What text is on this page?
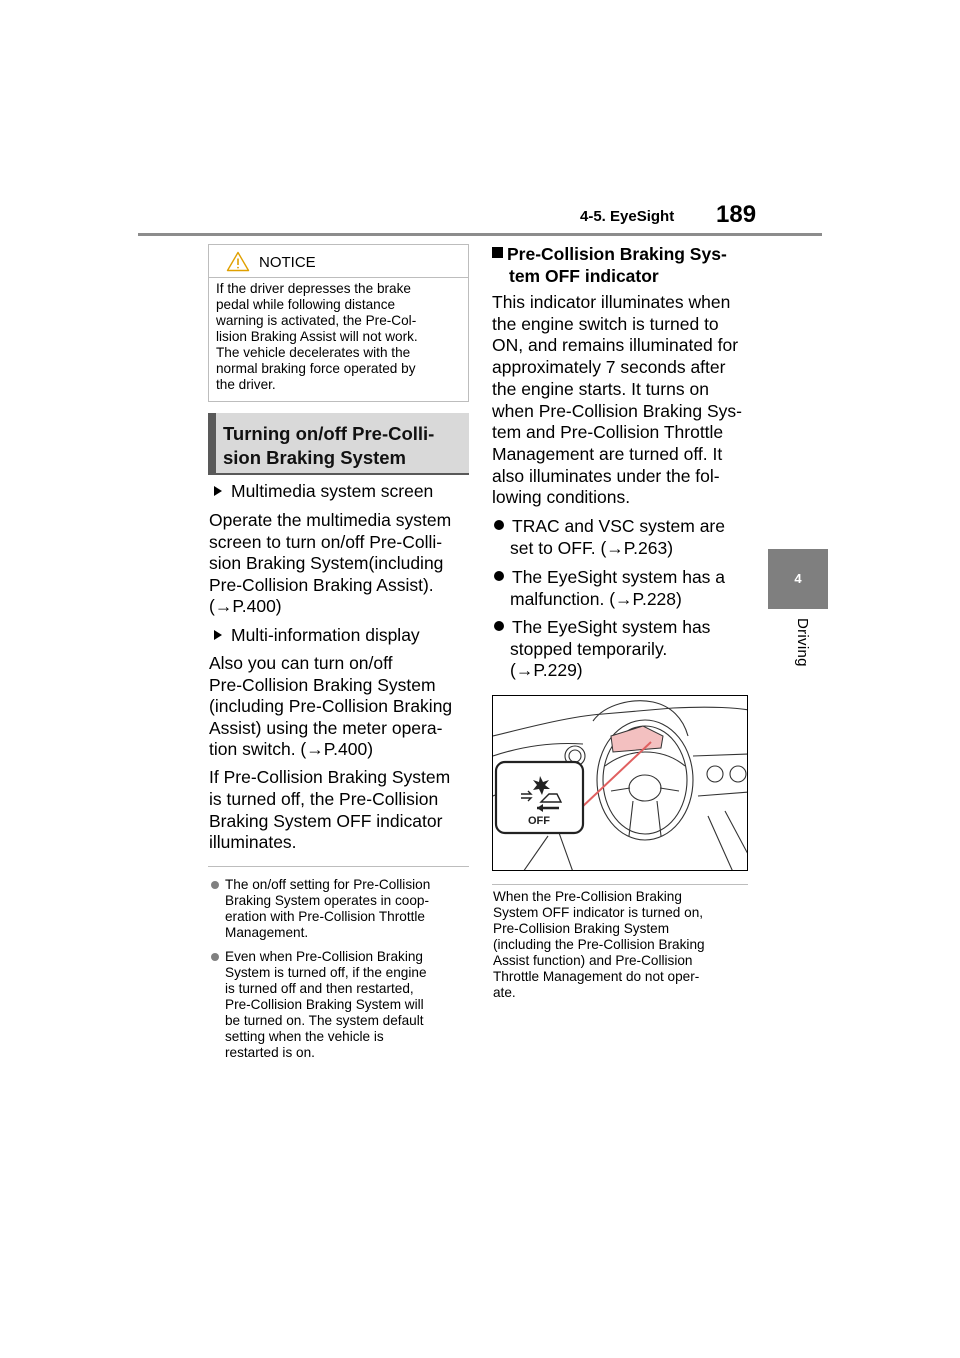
4-5. EyeSight 189
4
Driving
NOTICE
If the driver depresses the brake
pedal while following distance
warning is activated, the Pre-Col-
lision Braking Assist will not work.
The vehicle decelerates with the
normal braking force operated by
the driver.
Turning on/off Pre-Colli-
sion Braking System
Multimedia system screen
Operate the multimedia system
screen to turn on/off Pre-Colli-
sion Braking System(including
Pre-Collision Braking Assist).
(→P.400)
Multi-information display
Also you can turn on/off
Pre-Collision Braking System
(including Pre-Collision Braking
Assist) using the meter opera-
tion switch. (→P.400)
If Pre-Collision Braking System
is turned off, the Pre-Collision
Braking System OFF indicator
illuminates.
The on/off setting for Pre-Collision
Braking System operates in coop-
eration with Pre-Collision Throttle
Management.
Even when Pre-Collision Braking
System is turned off, if the engine
is turned off and then restarted,
Pre-Collision Braking System will
be turned on. The system default
setting when the vehicle is
restarted is on.
Pre-Collision Braking Sys-
tem OFF indicator
This indicator illuminates when
the engine switch is turned to
ON, and remains illuminated for
approximately 7 seconds after
the engine starts. It turns on
when Pre-Collision Braking Sys-
tem and Pre-Collision Throttle
Management are turned off. It
also illuminates under the fol-
lowing conditions.
TRAC and VSC system are
set to OFF. (→P.263)
The EyeSight system has a
malfunction. (→P.228)
The EyeSight system has
stopped temporarily.
(→P.229)
OFF
When the Pre-Collision Braking
System OFF indicator is turned on,
Pre-Collision Braking System
(including the Pre-Collision Braking
Assist function) and Pre-Collision
Throttle Management do not oper-
ate.
